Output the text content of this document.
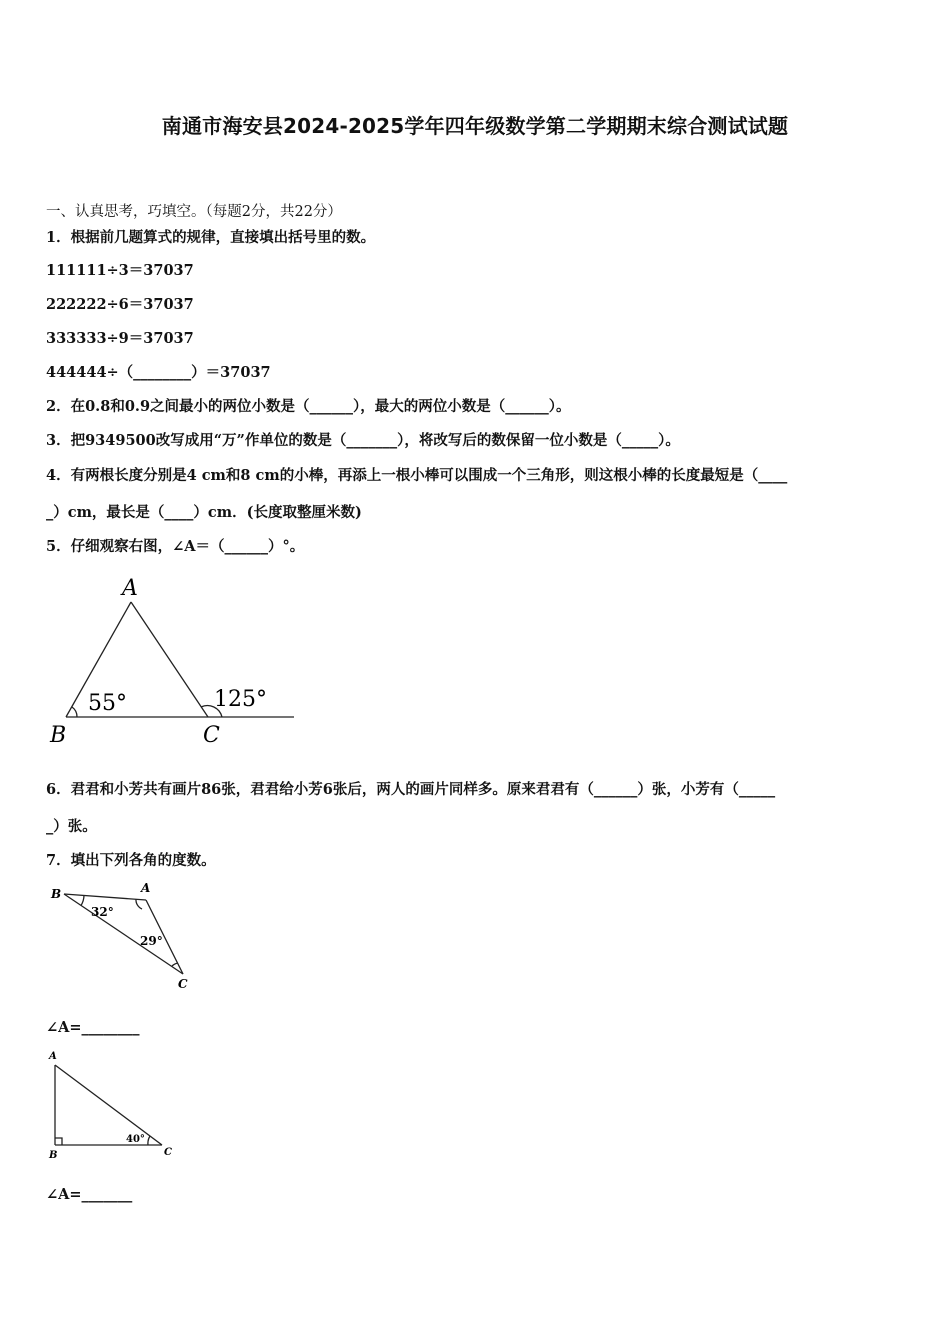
南通市海安县2024-2025学年四年级数学第二学期期末综合测试试题
一、认真思考，巧填空。（每题2分，共22分）
1．根据前几题算式的规律，直接填出括号里的数。
111111÷3＝37037
222222÷6＝37037
333333÷9＝37037
444444÷（________）＝37037
2．在0.8和0.9之间最小的两位小数是（______），最大的两位小数是（______）。
3．把9349500改写成用“万”作单位的数是（_______），将改写后的数保留一位小数是（_____）。
4．有两根长度分别是4 cm和8 cm的小棒，再添上一根小棒可以围成一个三角形，则这根小棒的长度最短是（____
_）cm，最长是（____）cm．(长度取整厘米数)
5．仔细观察右图，∠A＝（______）°。
A
B	C
55°	125°
6．君君和小芳共有画片86张，君君给小芳6张后，两人的画片同样多。原来君君有（______）张，小芳有（_____
_）张。
7．填出下列各角的度数。
B	A
C
32°
29°
∠A=________
A
B	C
40°
∠A=_______
